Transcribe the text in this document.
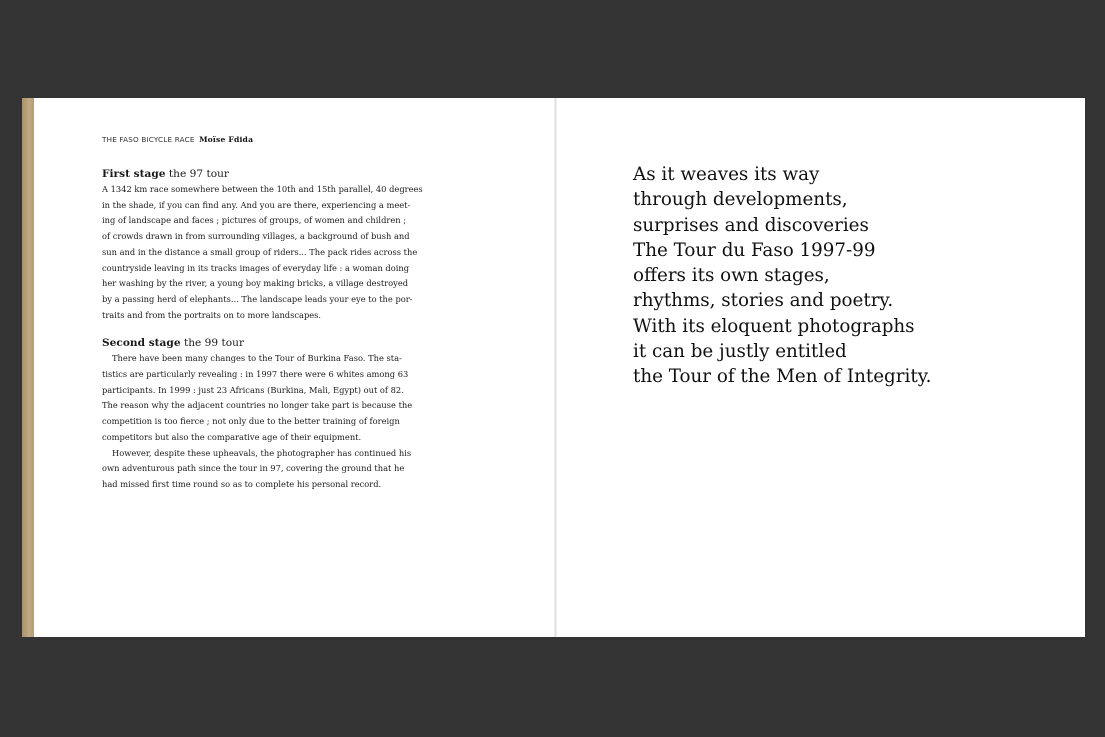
THE FASO BICYCLE RACE Moïse Fdida

First stage the 97 tour

A 1342 km race somewhere between the 10th and 15th parallel, 40 degrees

in the shade, if you can find any. And you are there, experiencing a meet-

ing of landscape and faces ; pictures of groups, of women and children ;

of crowds drawn in from surrounding villages, a background of bush and

sun and in the distance a small group of riders... The pack rides across the

countryside leaving in its tracks images of everyday life : a woman doing

her washing by the river, a young boy making bricks, a village destroyed

by a passing herd of elephants... The landscape leads your eye to the por-

traits and from the portraits on to more landscapes.

Second stage the 99 tour

There have been many changes to the Tour of Burkina Faso. The sta-

tistics are particularly revealing : in 1997 there were 6 whites among 63

participants. In 1999 : just 23 Africans (Burkina, Mali, Egypt) out of 82.

The reason why the adjacent countries no longer take part is because the

competition is too fierce ; not only due to the better training of foreign

competitors but also the comparative age of their equipment.

However, despite these upheavals, the photographer has continued his

own adventurous path since the tour in 97, covering the ground that he

had missed first time round so as to complete his personal record.

As it weaves its way

through developments,

surprises and discoveries

The Tour du Faso 1997-99

offers its own stages,

rhythms, stories and poetry.

With its eloquent photographs

it can be justly entitled

the Tour of the Men of Integrity.
